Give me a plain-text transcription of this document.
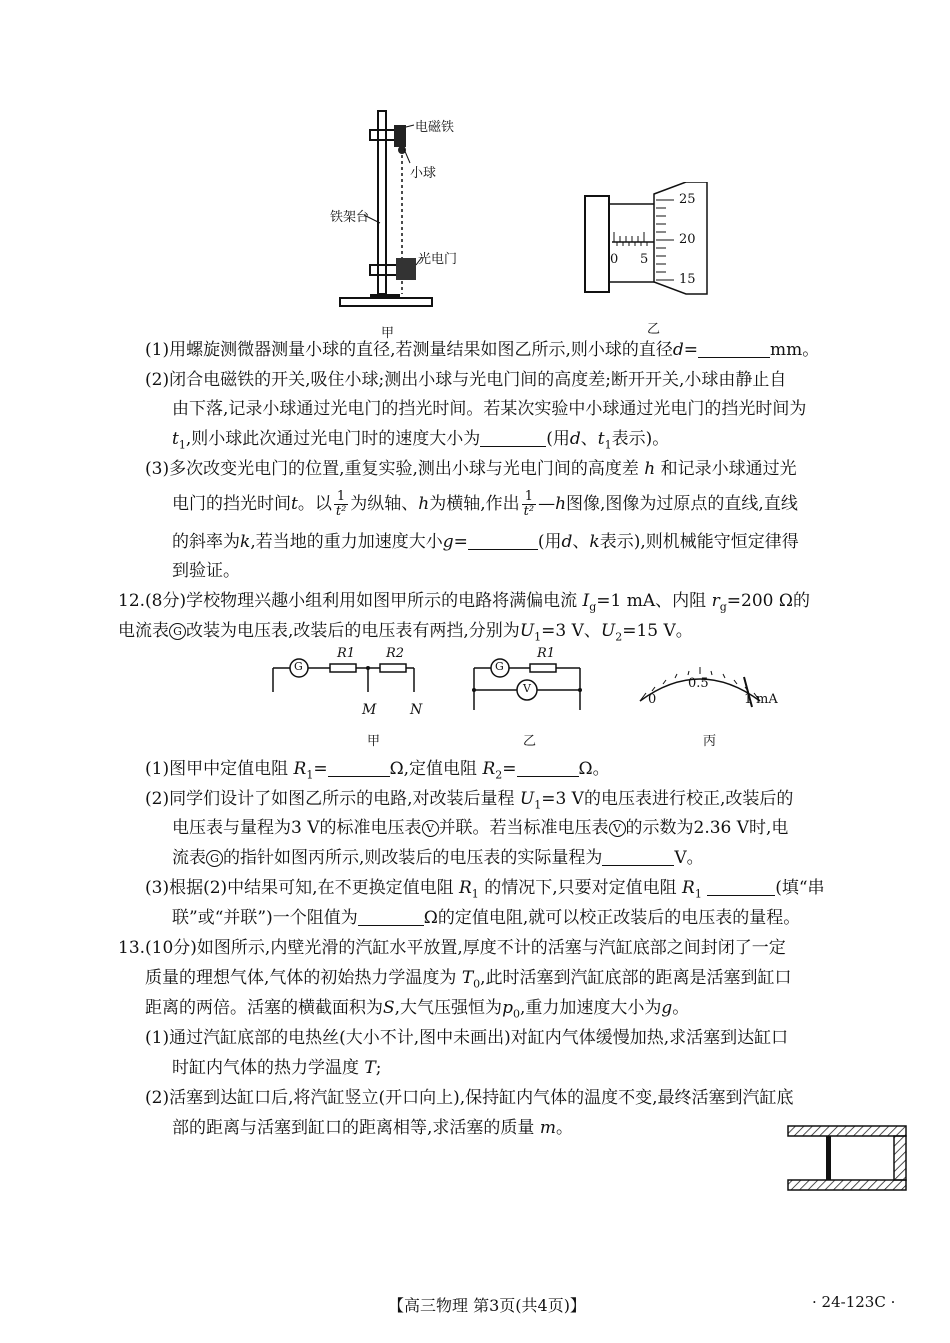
电磁铁
小球
铁架台
光电门
甲
25
20
15
0 5
乙
(1)用螺旋测微器测量小球的直径,若测量结果如图乙所示,则小球的直径d=	mm。
(2)闭合电磁铁的开关,吸住小球;测出小球与光电门间的高度差;断开开关,小球由静止自
由下落,记录小球通过光电门的挡光时间。若某次实验中小球通过光电门的挡光时间为
$t_1$,则小球此次通过光电门时的速度大小为	(用d、$t_1$表示)。
(3)多次改变光电门的位置,重复实验,测出小球与光电门间的高度差 h 和记录小球通过光
电门的挡光时间t。以 $\frac{1}{\text{t²}}$ 为纵轴、h为横轴,作出 $\frac{1}{\text{t²}}$ —h图像,图像为过原点的直线,直线
的斜率为k,若当地的重力加速度大小g=	(用d、k表示),则机械能守恒定律得
到验证。
12.(8分)学校物理兴趣小组利用如图甲所示的电路将满偏电流 $I_g=1$ mA、内阻 $r_g=200$ Ω的
电流表 G 改装为电压表,改装后的电压表有两挡,分别为$U_1=3$ V、$U_2=15$ V。
G
R1 R2
M N
甲
G
V
R1
乙
0
0.5
1 mA
丙
(1)图甲中定值电阻 $R_1=$	Ω,定值电阻 $R_2=$	Ω。
(2)同学们设计了如图乙所示的电路,对改装后量程 $U_1=3$ V的电压表进行校正,改装后的
电压表与量程为3 V的标准电压表 V 并联。若当标准电压表 V 的示数为2.36 V时,电
流表 G 的指针如图丙所示,则改装后的电压表的实际量程为	V。
(3)根据(2)中结果可知,在不更换定值电阻 $R_1$ 的情况下,只要对定值电阻 $R_1$	(填“串
联”或“并联”)一个阻值为	Ω的定值电阻,就可以校正改装后的电压表的量程。
13.(10分)如图所示,内壁光滑的汽缸水平放置,厚度不计的活塞与汽缸底部之间封闭了一定
质量的理想气体,气体的初始热力学温度为 $T_0$,此时活塞到汽缸底部的距离是活塞到缸口
距离的两倍。活塞的横截面积为S,大气压强恒为$p_0$,重力加速度大小为g。
(1)通过汽缸底部的电热丝(大小不计,图中未画出)对缸内气体缓慢加热,求活塞到达缸口
时缸内气体的热力学温度 T;
(2)活塞到达缸口后,将汽缸竖立(开口向上),保持缸内气体的温度不变,最终活塞到汽缸底
部的距离与活塞到缸口的距离相等,求活塞的质量 m。
【高三物理 第3页(共4页)】	· 24-123C ·
